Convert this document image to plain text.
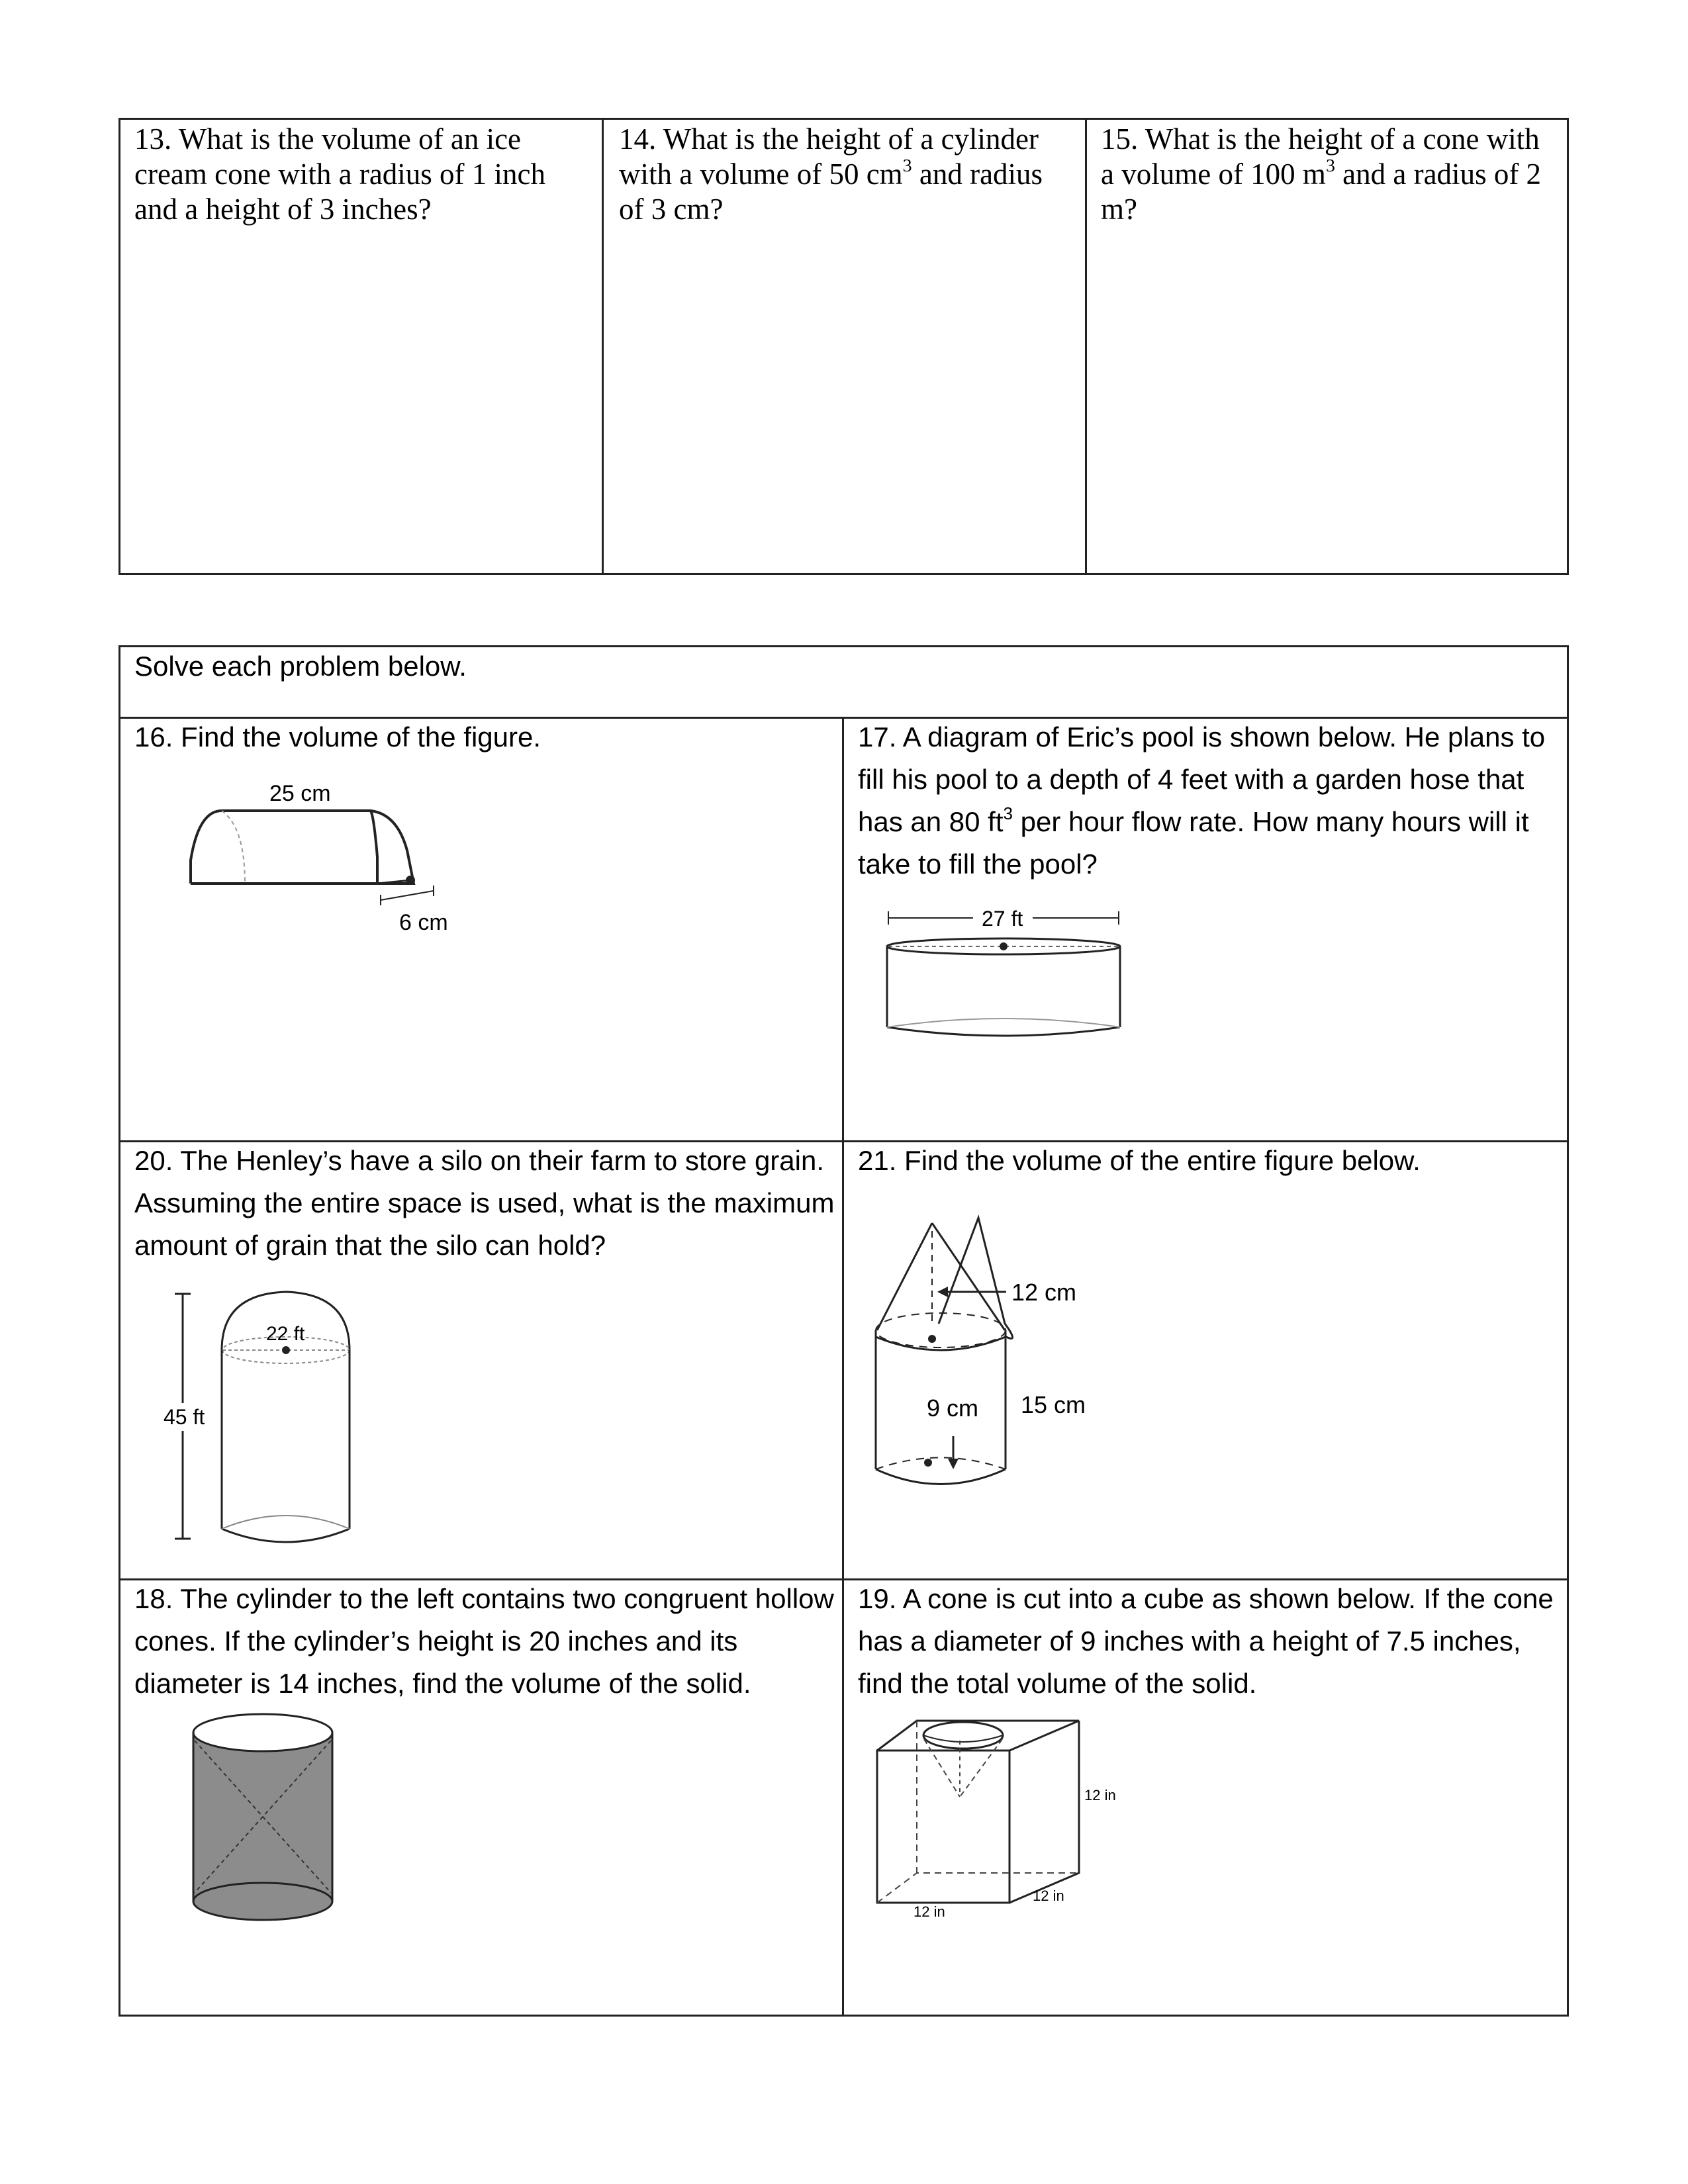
13. What is the volume of an ice cream cone with a radius of 1 inch and a height of 3 inches?
14. What is the height of a cylinder with a volume of 50 $cm^3$ and radius of 3 cm?
15. What is the height of a cone with a volume of 100 $m^3$ and a radius of 2 m?
Solve each problem below.
16. Find the volume of the figure.
25 cm
6 cm
17. A diagram of Eric’s pool is shown below. He plans to fill his pool to a depth of 4 feet with a garden hose that has an 80 $ft^3$ per hour flow rate. How many hours will it take to fill the pool?
27 ft
20. The Henley’s have a silo on their farm to store grain. Assuming the entire space is used, what is the maximum amount of grain that the silo can hold?
45 ft
22 ft
21. Find the volume of the entire figure below.
12 cm
9 cm 15 cm
18. The cylinder to the left contains two congruent hollow cones. If the cylinder’s height is 20 inches and its diameter is 14 inches, find the volume of the solid.
19. A cone is cut into a cube as shown below. If the cone has a diameter of 9 inches with a height of 7.5 inches, find the total volume of the solid.
12 in
12 in
12 in
